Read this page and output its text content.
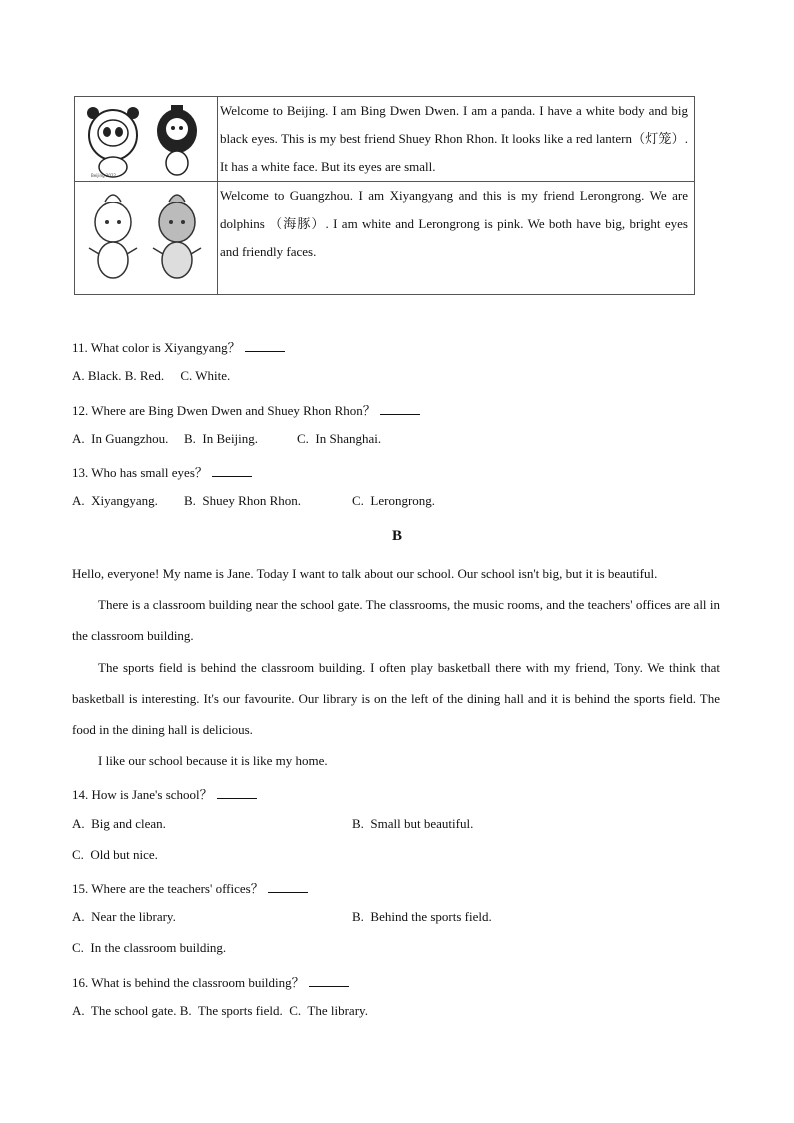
Beijing 2022	Welcome to Beijing. I am Bing Dwen Dwen. I am a panda. I have a white body and big black eyes. This is my best friend Shuey Rhon Rhon. It looks like a red lantern（灯笼）. It has a white face. But its eyes are small.

	Welcome to Guangzhou. I am Xiyangyang and this is my friend Lerongrong. We are dolphins （海豚）. I am white and Lerongrong is pink. We both have big, bright eyes and friendly faces.
11. What color is Xiyangyang？
A. Black. B. Red.     C. White.
12. Where are Bing Dwen Dwen and Shuey Rhon Rhon？
A.  In Guangzhou. B.  In Beijing.	C.  In Shanghai.
13. Who has small eyes？
A.  Xiyangyang. B.  Shuey Rhon Rhon.	C.  Lerongrong.
B
Hello, everyone! My name is Jane. Today I want to talk about our school. Our school isn't big, but it is beautiful.
There is a classroom building near the school gate. The classrooms, the music rooms, and the teachers' offices are all in the classroom building.
The sports field is behind the classroom building. I often play basketball there with my friend, Tony. We think that basketball is interesting. It's our favourite. Our library is on the left of the dining hall and it is behind the sports field. The food in the dining hall is delicious.
I like our school because it is like my home.
14. How is Jane's school？
A.  Big and clean.	B.  Small but beautiful.
C.  Old but nice.
15. Where are the teachers' offices？
A.  Near the library.	B.  Behind the sports field.
C.  In the classroom building.
16. What is behind the classroom building？
A.  The school gate. B.  The sports field.  C.  The library.
